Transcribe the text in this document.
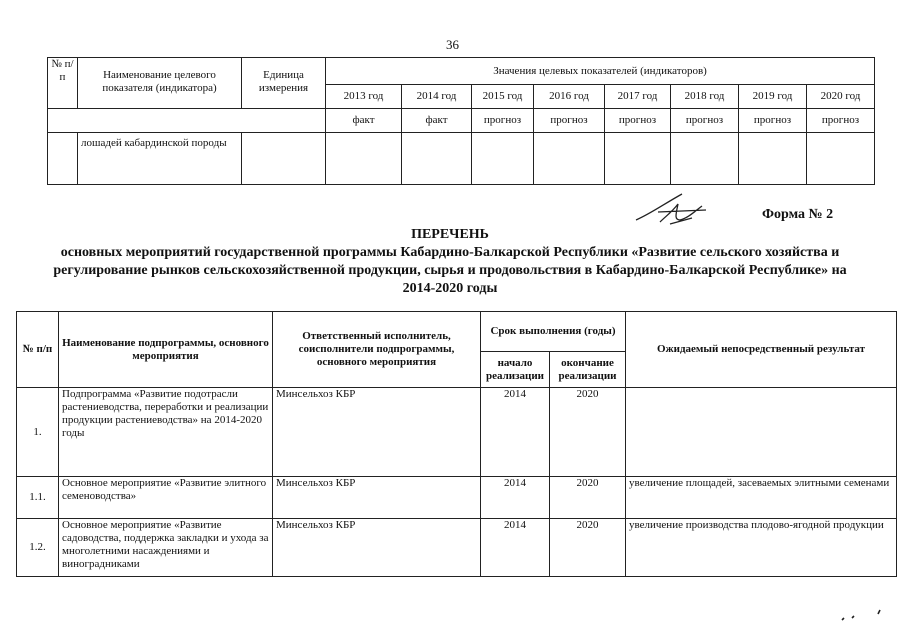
36
№ п/п	Наименование целевого показателя (индикатора)	Единица измерения	Значения целевых показателей (индикаторов)							
			2013 год	2014 год	2015 год	2016 год	2017 год	2018 год	2019 год	2020 год
			факт	факт	прогноз	прогноз	прогноз	прогноз	прогноз	прогноз
	лошадей кабардинской породы									
Форма № 2
ПЕРЕЧЕНЬ
основных мероприятий государственной программы Кабардино-Балкарской Республики «Развитие сельского хозяйства и регулирование рынков сельскохозяйственной продукции, сырья и продовольствия в Кабардино-Балкарской Республике» на 2014-2020 годы
№ п/п	Наименование подпрограммы, основного мероприятия	Ответственный исполнитель, соисполнители подпрограммы, основного мероприятия	Срок выполнения (годы)		Ожидаемый непосредственный результат
			начало реализации	окончание реализации	
1.	Подпрограмма «Развитие подотрасли растениеводства, переработки и реализации продукции растениеводства» на 2014-2020 годы	Минсельхоз КБР	2014	2020	
1.1.	Основное мероприятие «Развитие элитного семеноводства»	Минсельхоз КБР	2014	2020	увеличение площадей, засеваемых элитными семенами
1.2.	Основное мероприятие «Развитие садоводства, поддержка закладки и ухода за многолетними насаждениями и виноградниками	Минсельхоз КБР	2014	2020	увеличение производства плодово-ягодной продукции
